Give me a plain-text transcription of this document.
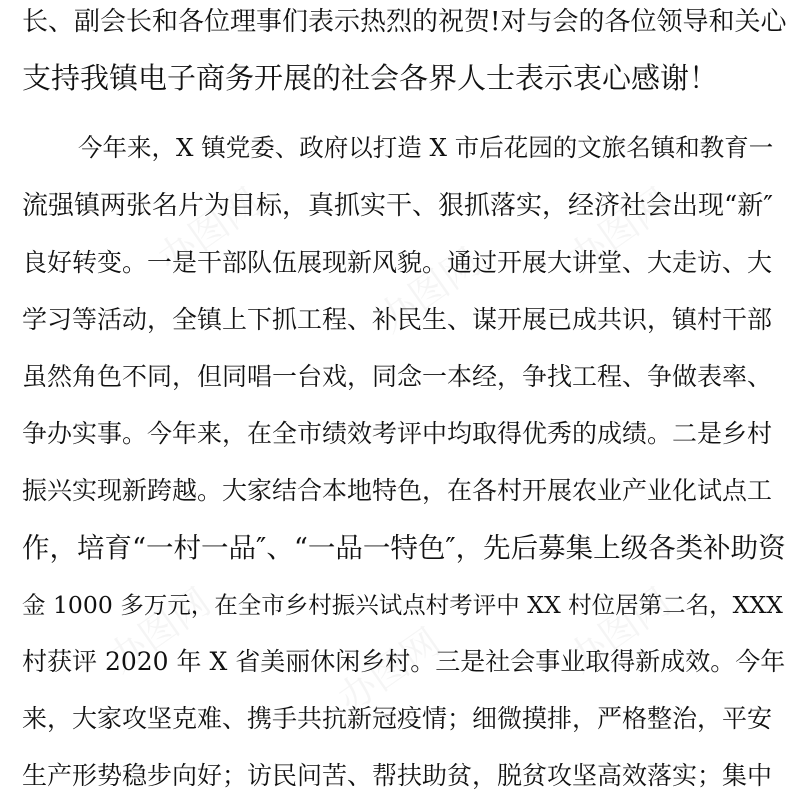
办图网
办图网
办图网
办图网	办图网	办图网
长、副会长和各位理事们表示热烈的祝贺!对与会的各位领导和关心
支持我镇电子商务开展的社会各界人士表示衷心感谢！
今年来，X 镇党委、政府以打造 X 市后花园的文旅名镇和教育一
流强镇两张名片为目标，真抓实干、狠抓落实，经济社会出现“新″
良好转变。一是干部队伍展现新风貌。通过开展大讲堂、大走访、大
学习等活动，全镇上下抓工程、补民生、谋开展已成共识，镇村干部
虽然角色不同，但同唱一台戏，同念一本经，争找工程、争做表率、
争办实事。今年来，在全市绩效考评中均取得优秀的成绩。二是乡村
振兴实现新跨越。大家结合本地特色，在各村开展农业产业化试点工
作，培育“一村一品″、“一品一特色″，先后募集上级各类补助资
金 1000 多万元，在全市乡村振兴试点村考评中 XX 村位居第二名，XXX
村获评 2020 年 X 省美丽休闲乡村。三是社会事业取得新成效。今年
来，大家攻坚克难、携手共抗新冠疫情；细微摸排，严格整治，平安
生产形势稳步向好；访民问苦、帮扶助贫，脱贫攻坚高效落实；集中
